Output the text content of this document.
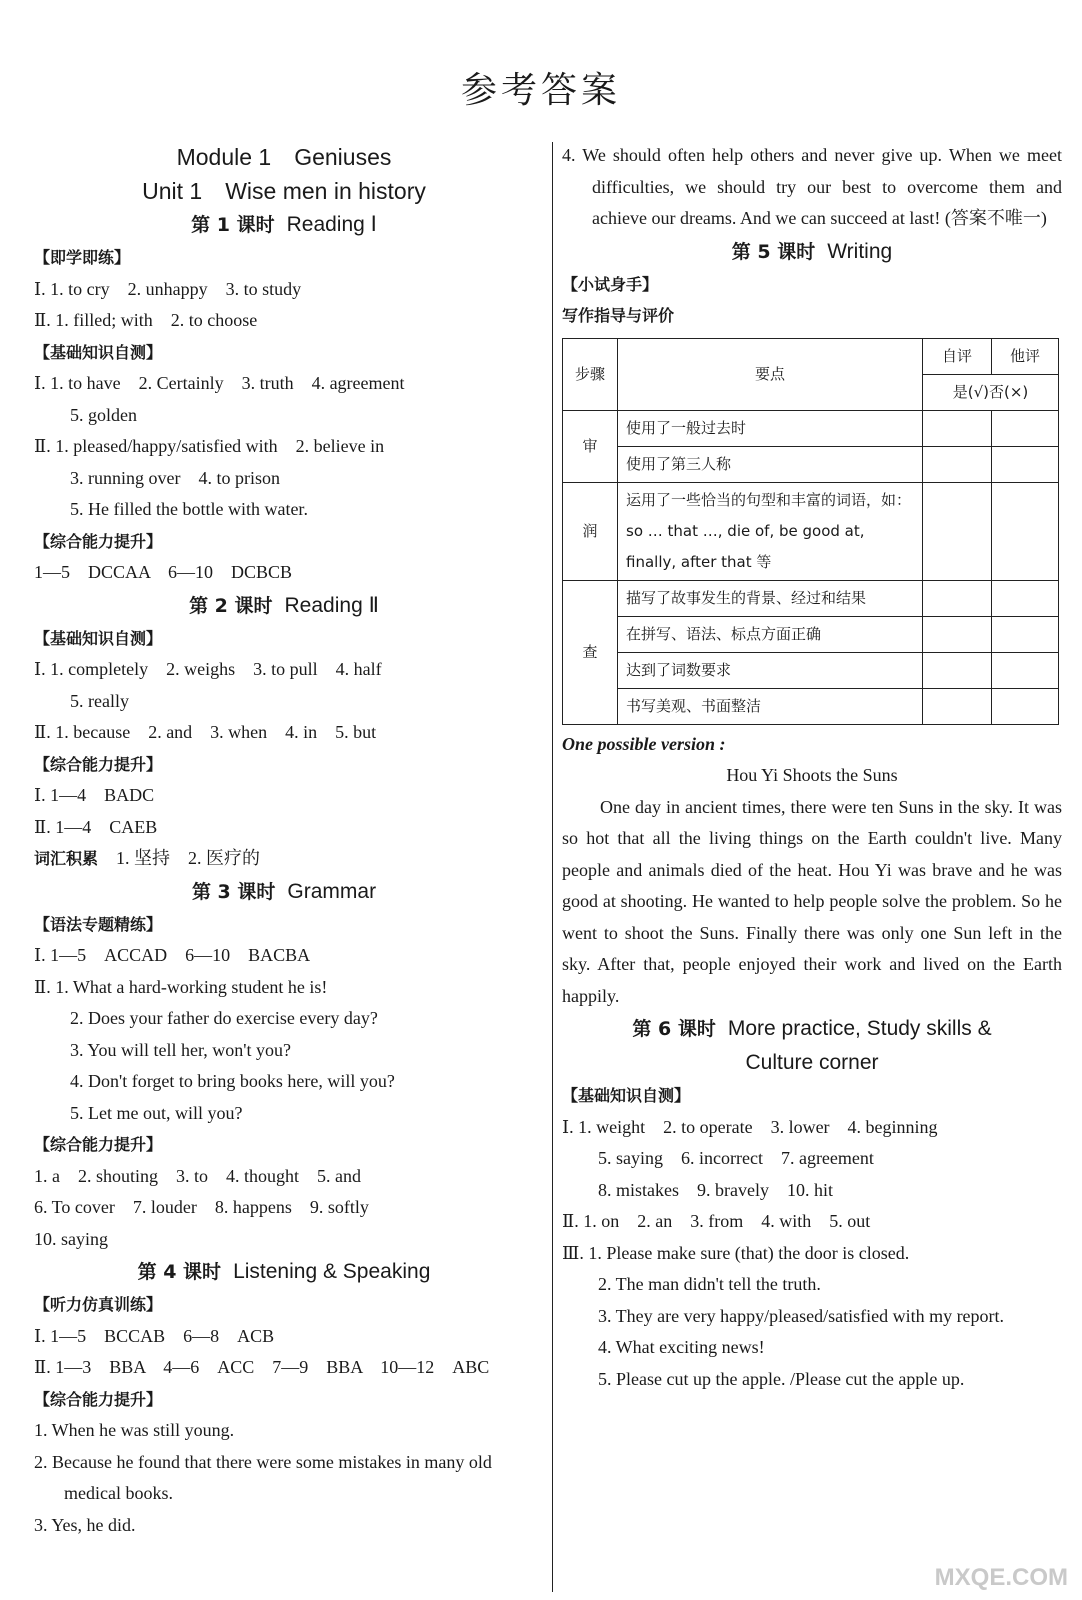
参考答案
Module 1　Geniuses
Unit 1　Wise men in history
第 1 课时 Reading Ⅰ
【即学即练】
Ⅰ. 1. to cry　2. unhappy　3. to study
Ⅱ. 1. filled; with　2. to choose
【基础知识自测】
Ⅰ. 1. to have　2. Certainly　3. truth　4. agreement
5. golden
Ⅱ. 1. pleased/happy/satisfied with　2. believe in
3. running over　4. to prison
5. He filled the bottle with water.
【综合能力提升】
1—5　DCCAA　6—10　DCBCB
第 2 课时 Reading Ⅱ
【基础知识自测】
Ⅰ. 1. completely　2. weighs　3. to pull　4. half
5. really
Ⅱ. 1. because　2. and　3. when　4. in　5. but
【综合能力提升】
Ⅰ. 1—4　BADC
Ⅱ. 1—4　CAEB
词汇积累　 1. 坚持　2. 医疗的
第 3 课时 Grammar
【语法专题精练】
Ⅰ. 1—5　ACCAD　6—10　BACBA
Ⅱ. 1. What a hard-working student he is!
2. Does your father do exercise every day?
3. You will tell her, won't you?
4. Don't forget to bring books here, will you?
5. Let me out, will you?
【综合能力提升】
1. a　2. shouting　3. to　4. thought　5. and
6. To cover　7. louder　8. happens　9. softly
10. saying
第 4 课时 Listening & Speaking
【听力仿真训练】
Ⅰ. 1—5　BCCAB　6—8　ACB
Ⅱ. 1—3　BBA　4—6　ACC　7—9　BBA　10—12　ABC
【综合能力提升】
1. When he was still young.
2. Because he found that there were some mistakes in many old medical books.
3. Yes, he did.
4. We should often help others and never give up. When we meet difficulties, we should try our best to overcome them and achieve our dreams. And we can succeed at last! (答案不唯一)
第 5 课时 Writing
【小试身手】
写作指导与评价
步骤	要点	自评	他评
		是(√)否(×)	
审	使用了一般过去时		
	使用了第三人称		
润	运用了一些恰当的句型和丰富的词语，如：so … that …, die of, be good at, finally, after that 等		
查	描写了故事发生的背景、经过和结果		
	在拼写、语法、标点方面正确		
	达到了词数要求		
	书写美观、书面整洁		
One possible version :
Hou Yi Shoots the Suns
One day in ancient times, there were ten Suns in the sky. It was so hot that all the living things on the Earth couldn't live. Many people and animals died of the heat. Hou Yi was brave and he was good at shooting. He wanted to help people solve the problem. So he went to shoot the Suns. Finally there was only one Sun left in the sky. After that, people enjoyed their work and lived on the Earth happily.
第 6 课时 More practice, Study skills &
Culture corner
【基础知识自测】
Ⅰ. 1. weight　2. to operate　3. lower　4. beginning
5. saying　6. incorrect　7. agreement
8. mistakes　9. bravely　10. hit
Ⅱ. 1. on　2. an　3. from　4. with　5. out
Ⅲ. 1. Please make sure (that) the door is closed.
2. The man didn't tell the truth.
3. They are very happy/pleased/satisfied with my report.
4. What exciting news!
5. Please cut up the apple. /Please cut the apple up.
MXQE.COM
